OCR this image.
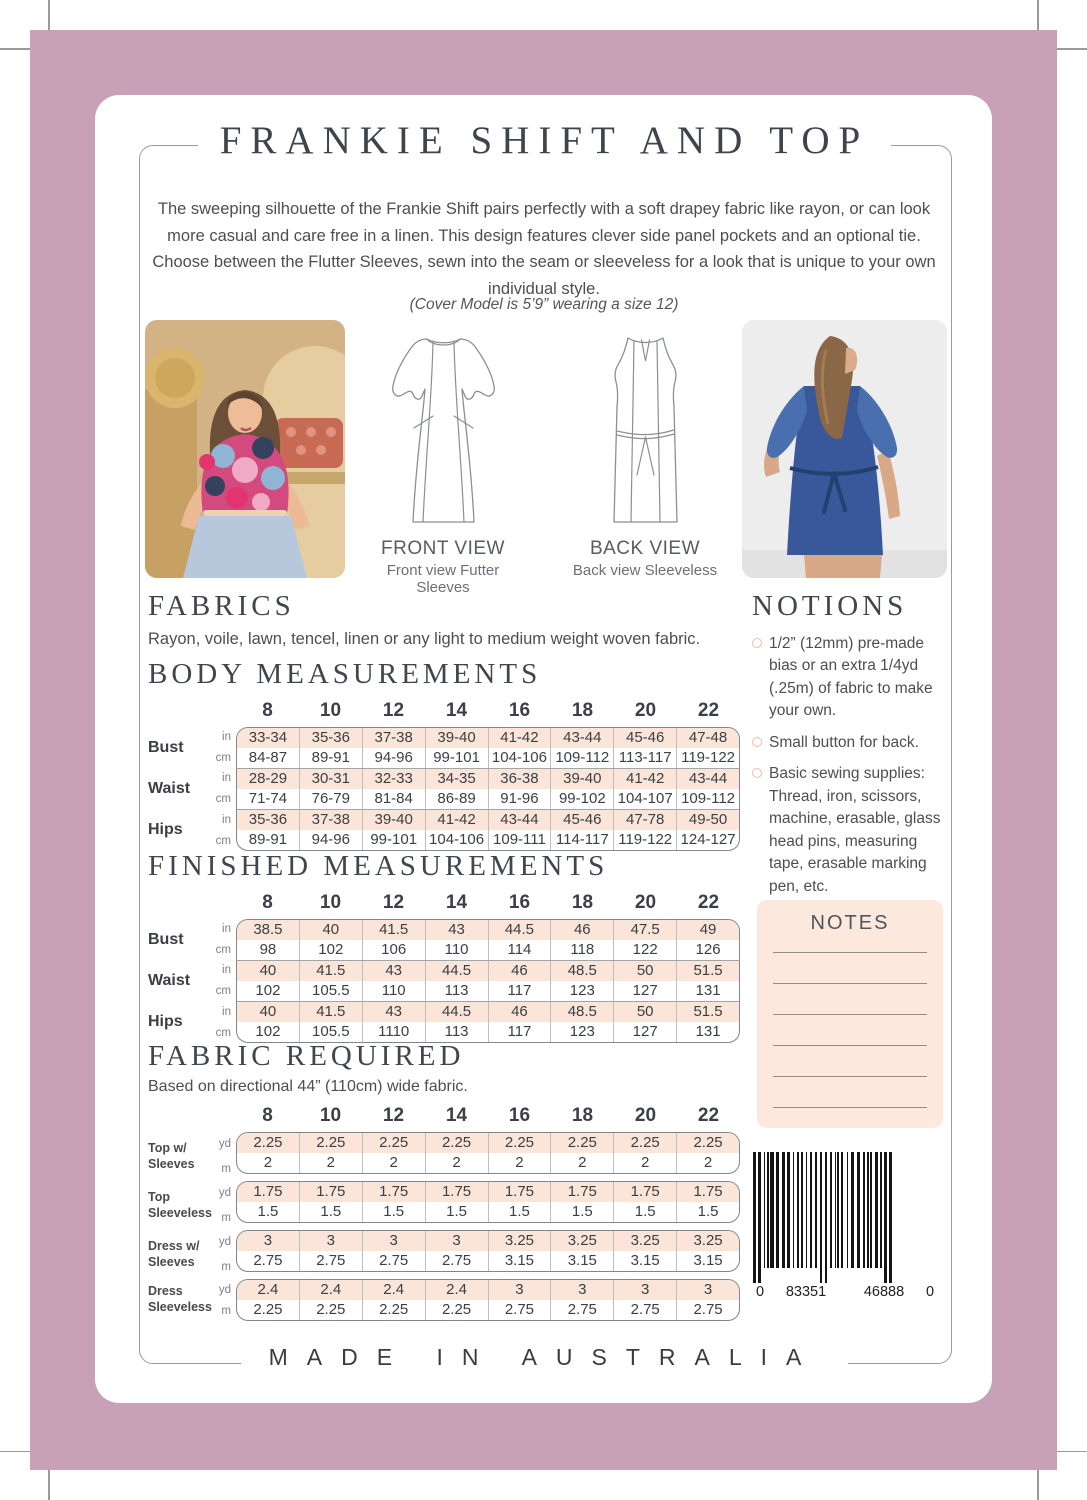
FRANKIE SHIFT AND TOP

The sweeping silhouette of the Frankie Shift pairs perfectly with a soft drapey fabric like rayon, or can look more casual and care free in a linen. This design features clever side panel pockets and an optional tie. Choose between the Flutter Sleeves, sewn into the seam or sleeveless for a look that is unique to your own individual style.

(Cover Model is 5’9” wearing a size 12)

FRONT VIEW
Front view Futter Sleeves
BACK VIEW
Back view Sleeveless
FABRICS

Rayon, voile, lawn, tencel, linen or any light to medium weight woven fabric.

BODY MEASUREMENTS
8	10	12	14	16	18	20	22
Bust
in
cm
33-34	35-36	37-38	39-40	41-42	43-44	45-46	47-48
84-87	89-91	94-96	99-101 104-106 109-112 113-117 119-122
Waist
in
cm
28-29	30-31	32-33	34-35	36-38	39-40	41-42	43-44
71-74	76-79	81-84	86-89	91-96	99-102 104-107 109-112
Hips
in
cm
35-36	37-38	39-40	41-42	43-44	45-46	47-78	49-50
89-91	94-96	99-101 104-106 109-111 114-117 119-122 124-127
FINISHED MEASUREMENTS
8	10	12	14	16	18	20	22
Bust
in
cm
38.5	40	41.5	43	44.5	46	47.5	49
98	102	106	110	114	118	122	126
Waist
in
cm
40	41.5	43	44.5	46	48.5	50	51.5
102	105.5	110	113	117	123	127	131
Hips
in
cm
40	41.5	43	44.5	46	48.5	50	51.5
102	105.5	1110	113	117	123	127	131
FABRIC REQUIRED

Based on directional 44” (110cm) wide fabric.

8	10	12	14	16	18	20	22
Top w/ Sleeves
yd
m
2.25	2.25	2.25	2.25	2.25	2.25	2.25	2.25
2	2	2	2	2	2	2	2
Top Sleeveless
yd
m
1.75	1.75	1.75	1.75	1.75	1.75	1.75	1.75
1.5	1.5	1.5	1.5	1.5	1.5	1.5	1.5
Dress w/ Sleeves
yd
m
3	3	3	3	3.25	3.25	3.25	3.25
2.75	2.75	2.75	2.75	3.15	3.15	3.15	3.15
Dress Sleeveless
yd
m
2.4	2.4	2.4	2.4	3	3	3	3
2.25	2.25	2.25	2.25	2.75	2.75	2.75	2.75
NOTIONS
1/2” (12mm) pre-made bias or an extra 1/4yd (.25m) of fabric to make your own.
Small button for back.
Basic sewing supplies: Thread, iron, scissors, machine, erasable, glass head pins, measuring tape, erasable marking pen, etc.
NOTES
0	83351	46888	0
MADE IN AUSTRALIA
